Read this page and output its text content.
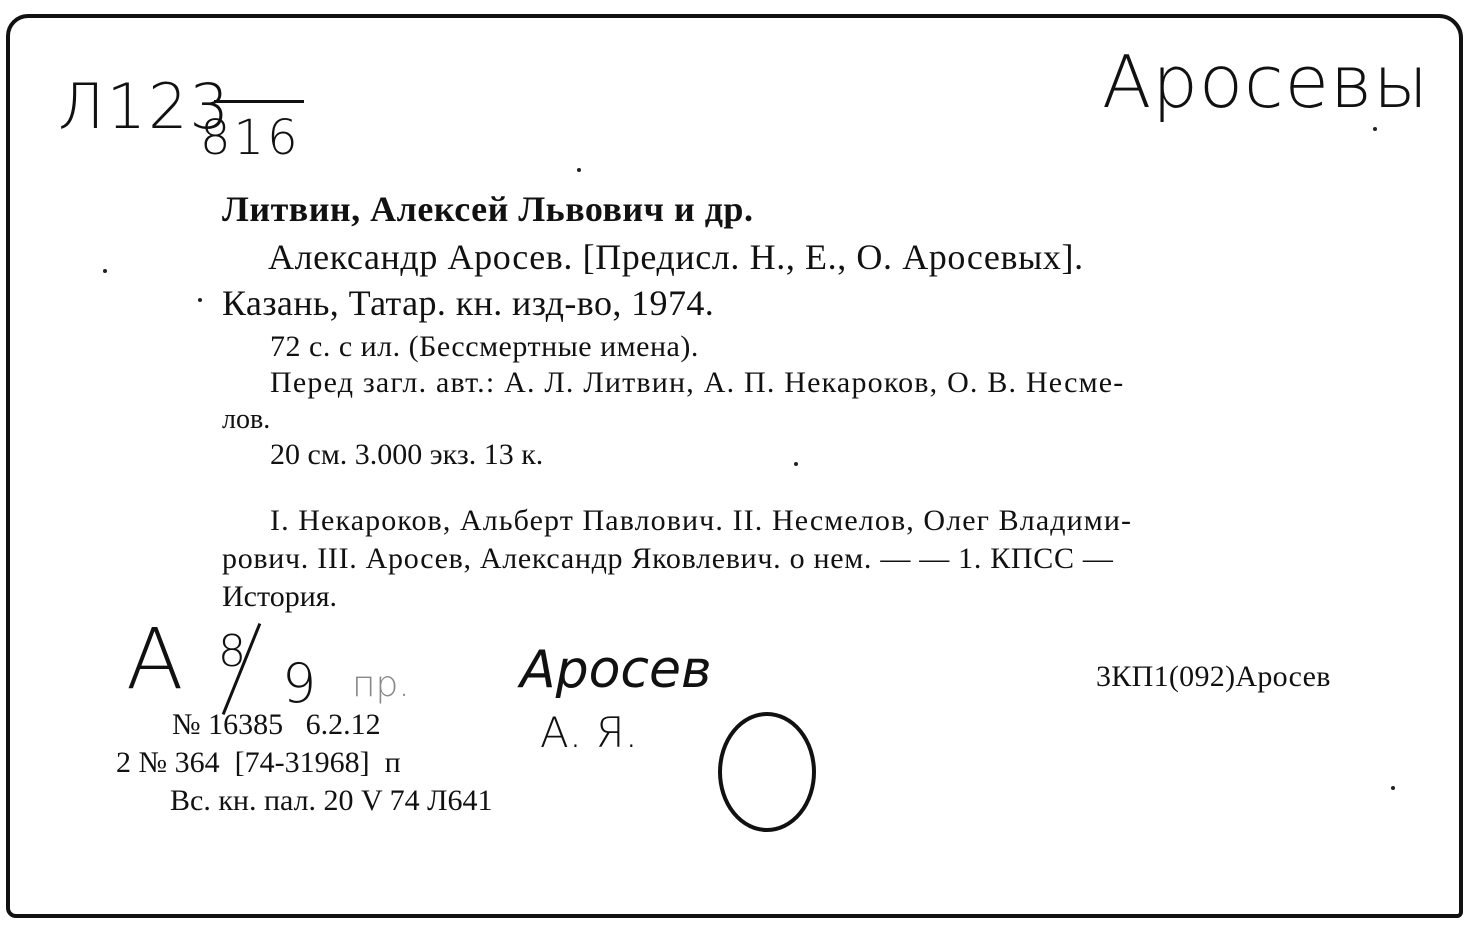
Л123
816
Аросевы
Литвин, Алексей Львович и др.
Александр Аросев. [Предисл. Н., Е., О. Аросевых].
Казань, Татар. кн. изд-во, 1974.
72 с. с ил. (Бессмертные имена).
Перед загл. авт.: А. Л. Литвин, А. П. Некароков, О. В. Несме-
лов.
20 см. 3.000 экз. 13 к.
I. Некароков, Альберт Павлович. II. Несмелов, Олег Владими-
рович. III. Аросев, Александр Яковлевич. о нем. — — 1. КПСС —
История.
А 8
9 пр. Аросев
А. Я.
3КП1(092)Аросев
№ 16385   6.2.12
2 № 364  [74-31968]  п
Вс. кн. пал. 20 V 74 Л641
